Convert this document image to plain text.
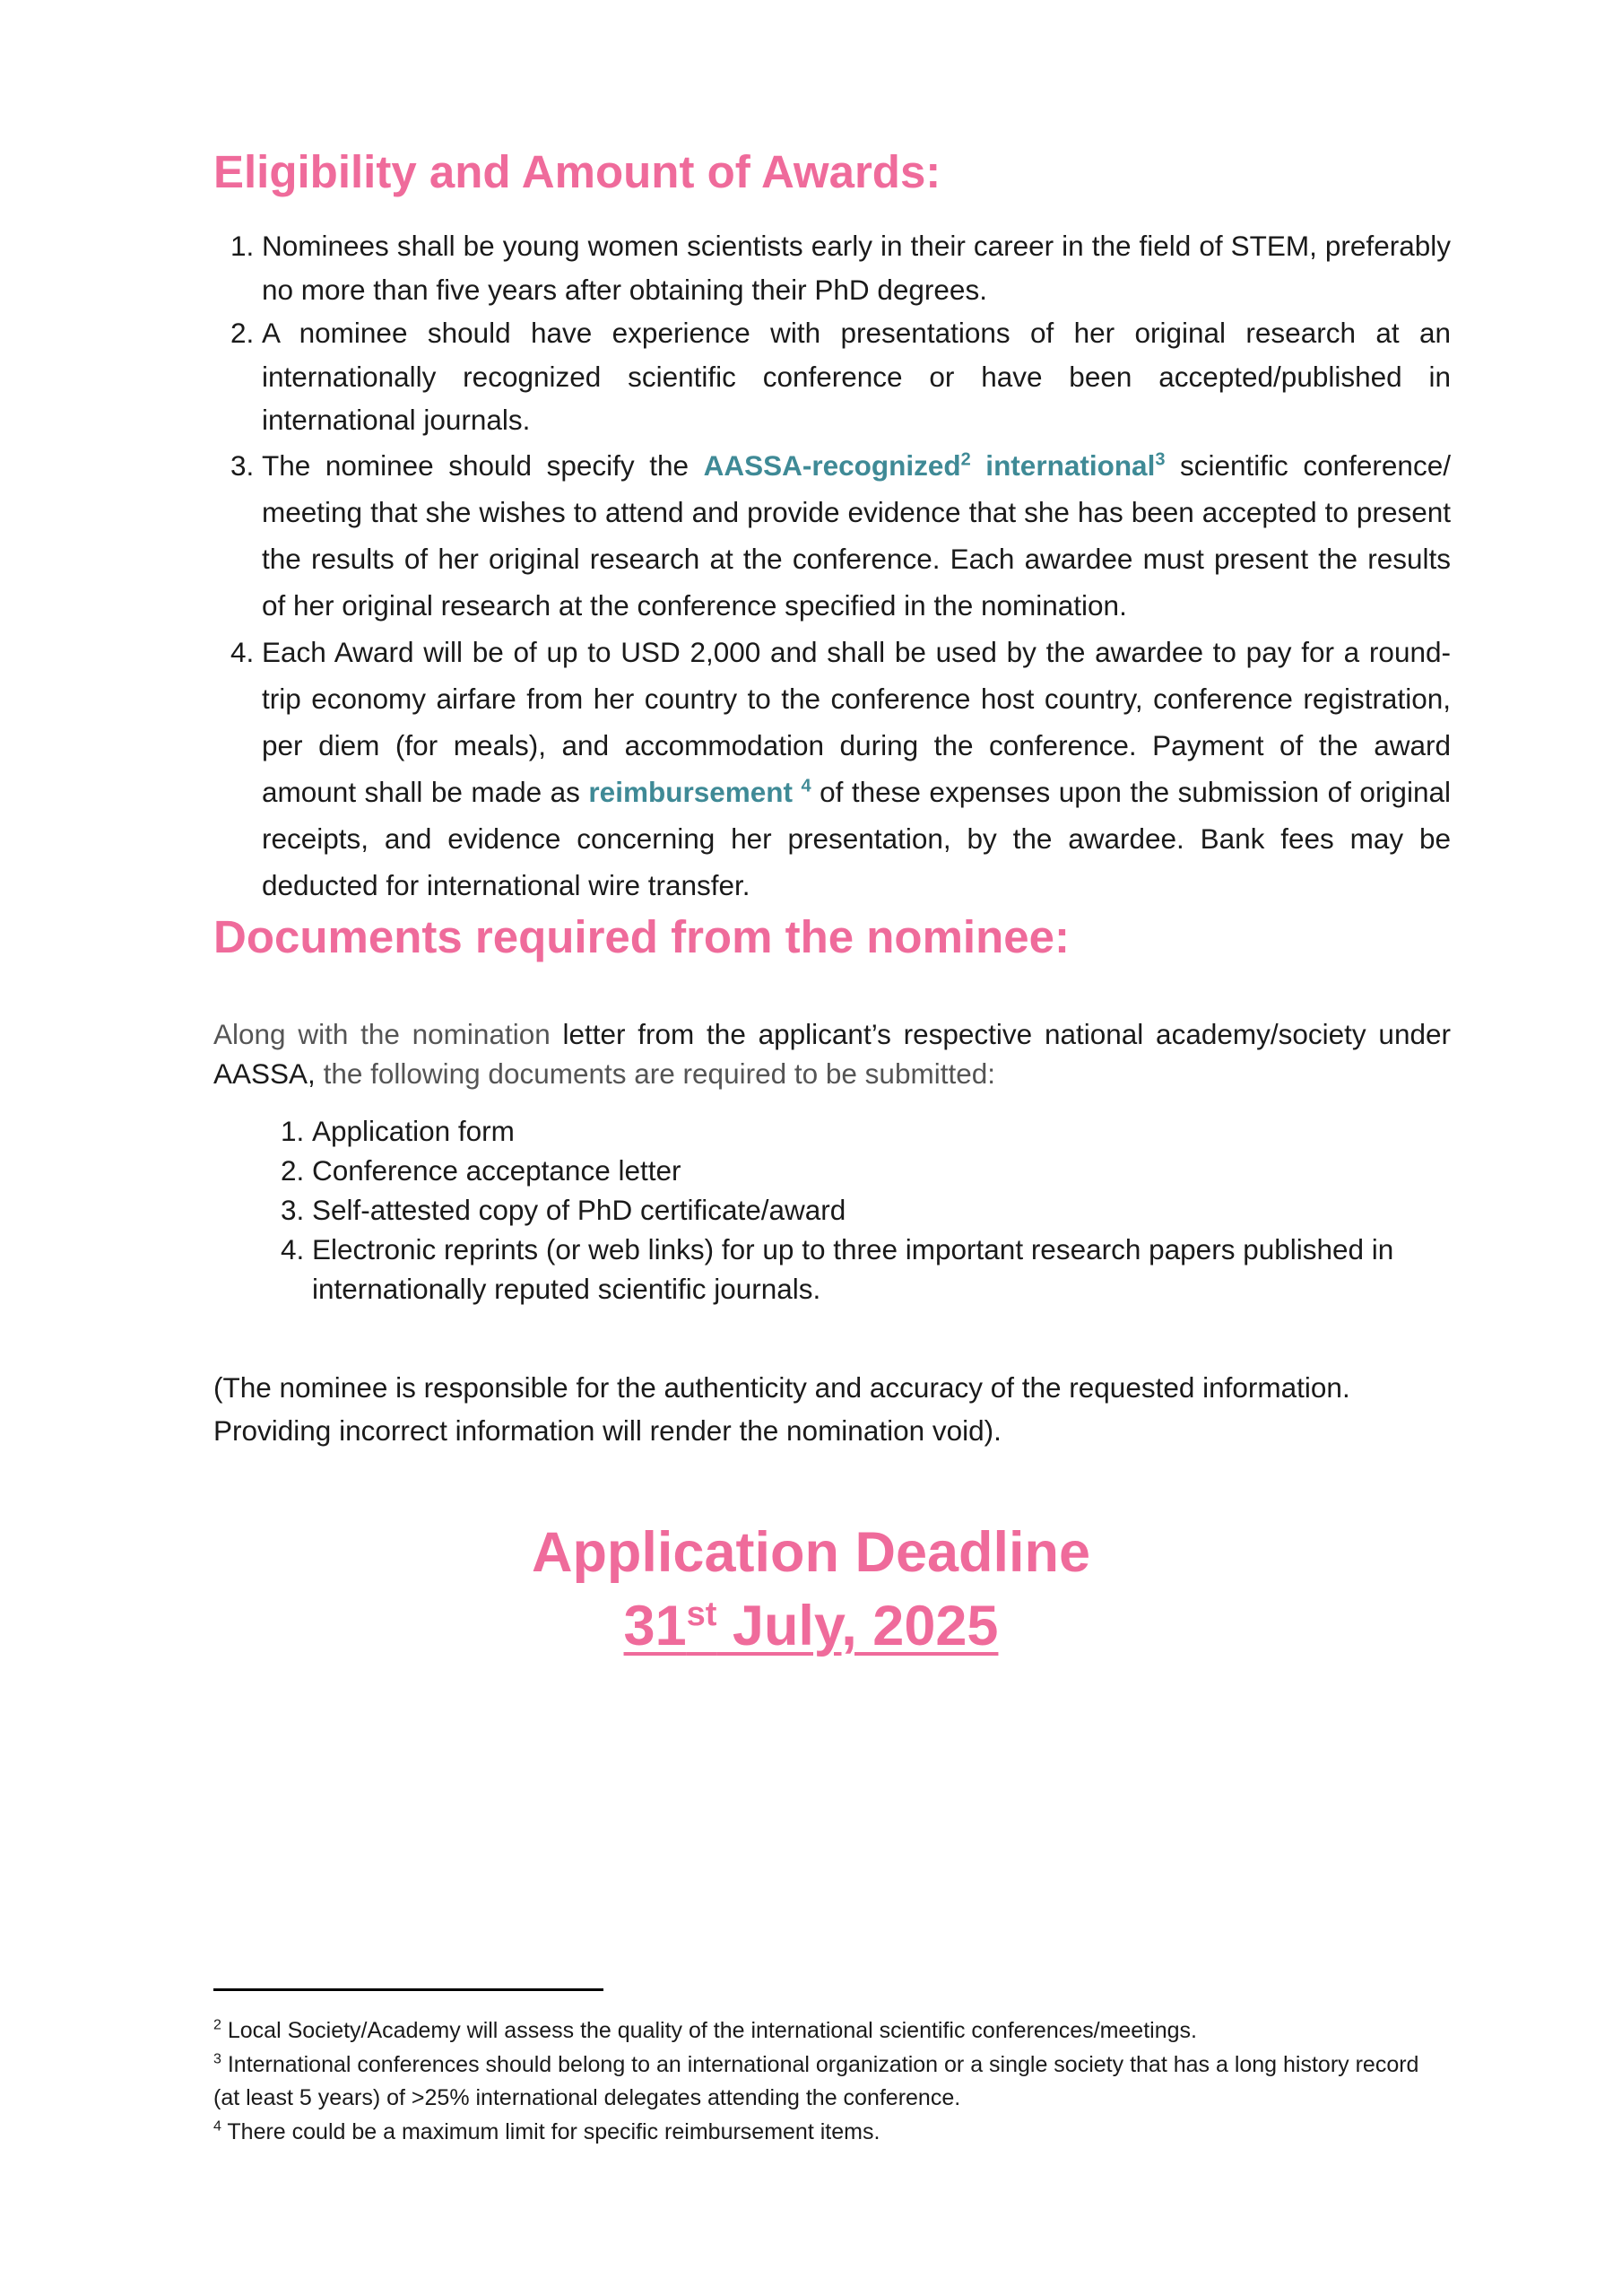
Eligibility and Amount of Awards:
1. Nominees shall be young women scientists early in their career in the field of STEM, preferably no more than five years after obtaining their PhD degrees.
2. A nominee should have experience with presentations of her original research at an internationally recognized scientific conference or have been accepted/published in international journals.
3. The nominee should specify the AASSA-recognized$^2$ international$^3$ scientific conference/ meeting that she wishes to attend and provide evidence that she has been accepted to present the results of her original research at the conference. Each awardee must present the results of her original research at the conference specified in the nomination.
4. Each Award will be of up to USD 2,000 and shall be used by the awardee to pay for a round-trip economy airfare from her country to the conference host country, conference registration, per diem (for meals), and accommodation during the conference. Payment of the award amount shall be made as reimbursement $^4$ of these expenses upon the submission of original receipts, and evidence concerning her presentation, by the awardee. Bank fees may be deducted for international wire transfer.
Documents required from the nominee:

Along with the nomination letter from the applicant’s respective national academy/society under AASSA, the following documents are required to be submitted:

1. Application form
2. Conference acceptance letter
3. Self-attested copy of PhD certificate/award
4. Electronic reprints (or web links) for up to three important research papers published in internationally reputed scientific journals.

(The nominee is responsible for the authenticity and accuracy of the requested information. Providing incorrect information will render the nomination void).

Application Deadline
31st July, 2025

$^2$ Local Society/Academy will assess the quality of the international scientific conferences/meetings.

$^3$ International conferences should belong to an international organization or a single society that has a long history record (at least 5 years) of >25% international delegates attending the conference.

$^4$ There could be a maximum limit for specific reimbursement items.
